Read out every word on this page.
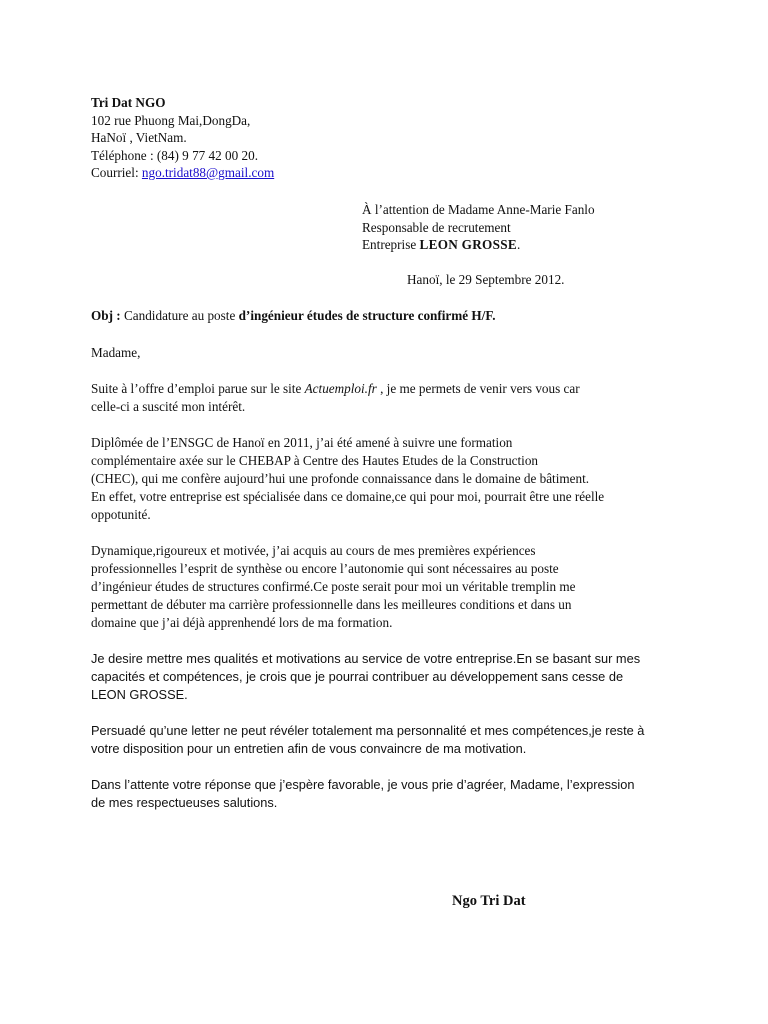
Tri Dat NGO
102 rue Phuong Mai,DongDa,
HaNoï , VietNam.
Téléphone : (84) 9 77 42 00 20.
Courriel: ngo.tridat88@gmail.com
À l’attention de Madame Anne-Marie Fanlo
Responsable de recrutement
Entreprise LEON GROSSE.
Hanoï, le 29 Septembre 2012.
Obj : Candidature au poste d’ingénieur études de structure confirmé H/F.

Madame,

Suite à l’offre d’emploi parue sur le site Actuemploi.fr , je me permets de venir vers vous car
celle-ci a suscité mon intérêt.

Diplômée de l’ENSGC de Hanoï en 2011, j’ai été amené à suivre une formation
complémentaire axée sur le CHEBAP à Centre des Hautes Etudes de la Construction
(CHEC), qui me confère aujourd’hui une profonde connaissance dans le domaine de bâtiment.
En effet, votre entreprise est spécialisée dans ce domaine,ce qui pour moi, pourrait être une réelle
oppotunité.

Dynamique,rigoureux et motivée, j’ai acquis au cours de mes premières expériences
professionnelles l’esprit de synthèse ou encore l’autonomie qui sont nécessaires au poste
d’ingénieur études de structures confirmé.Ce poste serait pour moi un véritable tremplin me
permettant de débuter ma carrière professionnelle dans les meilleures conditions et dans un
domaine que j’ai déjà apprenhendé lors de ma formation.

Je desire mettre mes qualités et motivations au service de votre entreprise.En se basant sur mes
capacités et compétences, je crois que je pourrai contribuer au développement sans cesse de
LEON GROSSE.

Persuadé qu’une letter ne peut révéler totalement ma personnalité et mes compétences,je reste à
votre disposition pour un entretien afin de vous convaincre de ma motivation.

Dans l’attente votre réponse que j’espère favorable, je vous prie d’agréer, Madame, l’expression
de mes respectueuses salutions.

Ngo Tri Dat
